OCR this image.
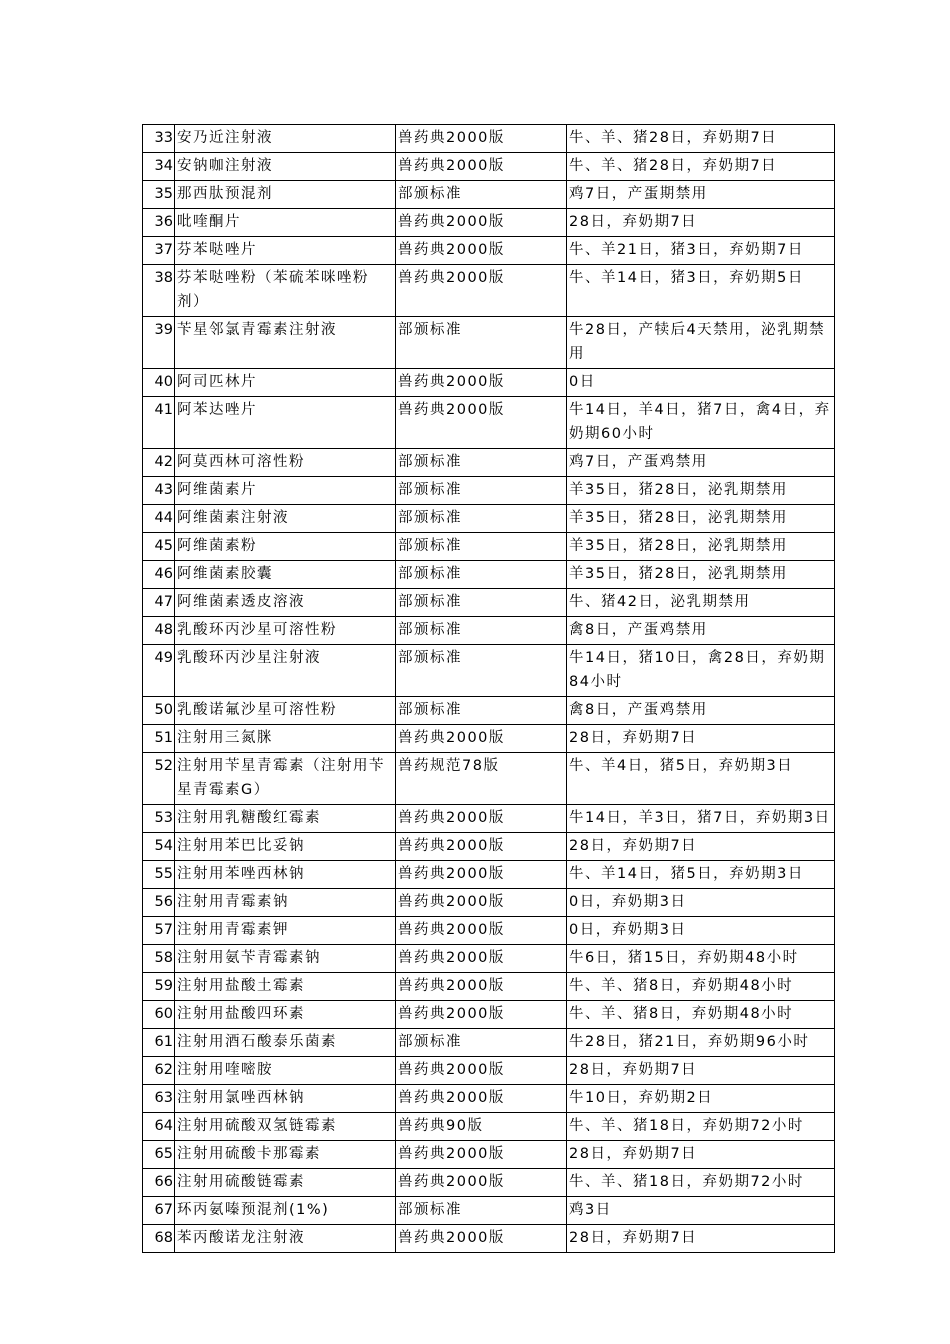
33	安乃近注射液	兽药典2000版	牛、羊、猪28日，弃奶期7日
34	安钠咖注射液	兽药典2000版	牛、羊、猪28日，弃奶期7日
35	那西肽预混剂	部颁标准	鸡7日，产蛋期禁用
36	吡喹酮片	兽药典2000版	28日，弃奶期7日
37	芬苯哒唑片	兽药典2000版	牛、羊21日，猪3日，弃奶期7日
38	芬苯哒唑粉（苯硫苯咪唑粉剂）	兽药典2000版	牛、羊14日，猪3日，弃奶期5日
39	苄星邻氯青霉素注射液	部颁标准	牛28日，产犊后4天禁用，泌乳期禁用
40	阿司匹林片	兽药典2000版	0日
41	阿苯达唑片	兽药典2000版	牛14日，羊4日，猪7日，禽4日，弃奶期60小时
42	阿莫西林可溶性粉	部颁标准	鸡7日，产蛋鸡禁用
43	阿维菌素片	部颁标准	羊35日，猪28日，泌乳期禁用
44	阿维菌素注射液	部颁标准	羊35日，猪28日，泌乳期禁用
45	阿维菌素粉	部颁标准	羊35日，猪28日，泌乳期禁用
46	阿维菌素胶囊	部颁标准	羊35日，猪28日，泌乳期禁用
47	阿维菌素透皮溶液	部颁标准	牛、猪42日，泌乳期禁用
48	乳酸环丙沙星可溶性粉	部颁标准	禽8日，产蛋鸡禁用
49	乳酸环丙沙星注射液	部颁标准	牛14日，猪10日，禽28日，弃奶期84小时
50	乳酸诺氟沙星可溶性粉	部颁标准	禽8日，产蛋鸡禁用
51	注射用三氮脒	兽药典2000版	28日，弃奶期7日
52	注射用苄星青霉素（注射用苄星青霉素G）	兽药规范78版	牛、羊4日，猪5日，弃奶期3日
53	注射用乳糖酸红霉素	兽药典2000版	牛14日，羊3日，猪7日，弃奶期3日
54	注射用苯巴比妥钠	兽药典2000版	28日，弃奶期7日
55	注射用苯唑西林钠	兽药典2000版	牛、羊14日，猪5日，弃奶期3日
56	注射用青霉素钠	兽药典2000版	0日，弃奶期3日
57	注射用青霉素钾	兽药典2000版	0日，弃奶期3日
58	注射用氨苄青霉素钠	兽药典2000版	牛6日，猪15日，弃奶期48小时
59	注射用盐酸土霉素	兽药典2000版	牛、羊、猪8日，弃奶期48小时
60	注射用盐酸四环素	兽药典2000版	牛、羊、猪8日，弃奶期48小时
61	注射用酒石酸泰乐菌素	部颁标准	牛28日，猪21日，弃奶期96小时
62	注射用喹嘧胺	兽药典2000版	28日，弃奶期7日
63	注射用氯唑西林钠	兽药典2000版	牛10日，弃奶期2日
64	注射用硫酸双氢链霉素	兽药典90版	牛、羊、猪18日，弃奶期72小时
65	注射用硫酸卡那霉素	兽药典2000版	28日，弃奶期7日
66	注射用硫酸链霉素	兽药典2000版	牛、羊、猪18日，弃奶期72小时
67	环丙氨嗪预混剂(1%)	部颁标准	鸡3日
68	苯丙酸诺龙注射液	兽药典2000版	28日，弃奶期7日
